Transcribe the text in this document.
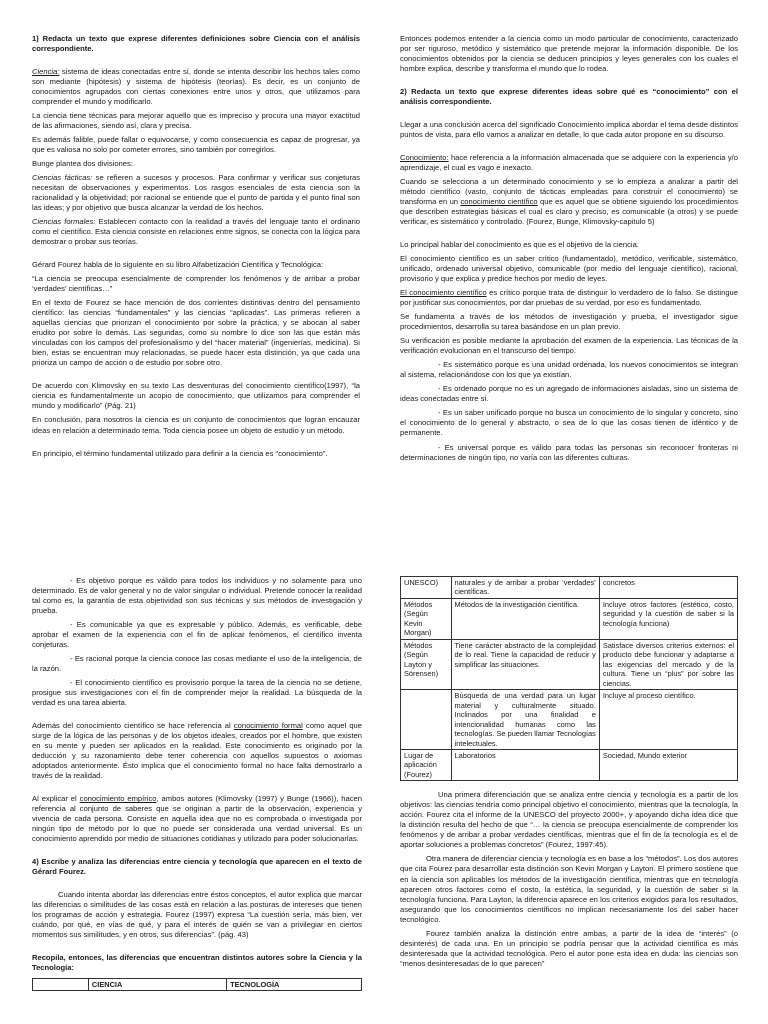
1) Redacta un texto que exprese diferentes definiciones sobre Ciencia con el análisis correspondiente.

Ciencia: sistema de ideas conectadas entre sí, donde se intenta describir los hechos tales como son mediante (hipótesis) y sistema de hipótesis (teorías). Es decir, es un conjunto de conocimientos agrupados con ciertas conexiones entre unos y otros, que utilizamos para comprender el mundo y modificarlo.

La ciencia tiene técnicas para mejorar aquello que es impreciso y procura una mayor exactitud de las afirmaciones, siendo así, clara y precisa.

Es además falible, puede fallar o equivocarse, y como consecuencia es capaz de progresar, ya que es valiosa no solo por cometer errores, sino también por corregirlos.

Bunge plantea dos divisiones:

Ciencias fácticas: se refieren a sucesos y procesos. Para confirmar y verificar sus conjeturas necesitan de observaciones y experimentos. Los rasgos esenciales de esta ciencia son la racionalidad y la objetividad; por racional se entiende que el punto de partida y el punto final son las ideas; y por objetivo que busca alcanzar la verdad de los hechos.

Ciencias formales: Establecen contacto con la realidad a través del lenguaje tanto el ordinario como el científico. Esta ciencia consiste en relaciones entre signos, se conecta con la lógica para demostrar o probar sus teorías.

Gérard Fourez habla de lo siguiente en su libro Alfabetización Científica y Tecnológica:

“La ciencia se preocupa esencialmente de comprender los fenómenos y de arribar a probar ‘verdades’ científicas…”

En el texto de Fourez se hace mención de dos corrientes distintivas dentro del pensamiento científico: las ciencias “fundamentales” y las ciencias “aplicadas”. Las primeras refieren a aquellas ciencias que priorizan el conocimiento por sobre la práctica, y se abocan al saber erudito por sobre lo demás. Las segundas, como su nombre lo dice son las que están más vinculadas con los campos del profesionalismo y del “hacer material” (ingenierías, medicina). Si bien, estas se encuentran muy relacionadas, se puede hacer esta distinción, ya que cada una prioriza un campo de acción o de estudio por sobre otro.

De acuerdo con Klimovsky en su texto Las desventuras del conocimiento científico(1997), “la ciencia es fundamentalmente un acopio de conocimiento, que utilizamos para comprender el mundo y modificarlo” (Pág. 21)

En conclusión, para nosotros la ciencia es un conjunto de conocimientos que logran encauzar ideas en relación a determinado tema. Toda ciencia posee un objeto de estudio y un método.

En principio, el término fundamental utilizado para definir a la ciencia es “conocimiento”.

Entonces podemos entender a la ciencia como un modo particular de conocimiento, caracterizado por ser riguroso, metódico y sistemático que pretende mejorar la información disponible. De los conocimientos obtenidos por la ciencia se deducen principios y leyes generales con los cuales el hombre explica, describe y transforma el mundo que lo rodea.

2) Redacta un texto que exprese diferentes ideas sobre qué es “conocimiento” con el análisis correspondiente.

Llegar a una conclusión acerca del significado Conocimiento implica abordar el tema desde distintos puntos de vista, para ello vamos a analizar en detalle, lo que cada autor propone en su discurso.

Conocimiento: hace referencia a la información almacenada que se adquiere con la experiencia y/o aprendizaje, el cual es vago e inexacto.

Cuando se selecciona a un determinado conocimiento y se lo empieza a analizar a partir del método científico (vasto, conjunto de tácticas empleadas para construir el conocimiento) se transforma en un conocimiento científico que es aquel que se obtiene siguiendo los procedimientos que describen estrategias básicas el cual es claro y preciso, es comunicable (a otros) y se puede verificar, es sistemático y controlado. (Fourez, Bunge, Klimovsky-capitulo 5)

Lo principal hablar del conocimiento es que es el objetivo de la ciencia.

El conocimiento científico es un saber crítico (fundamentado), metódico, verificable, sistemático, unificado, ordenado universal objetivo, comunicable (por medio del lenguaje científico), racional, provisorio y que explica y predice hechos por medio de leyes.

El conocimiento científico es crítico porque trata de distinguir lo verdadero de lo falso. Se distingue por justificar sus conocimientos, por dar pruebas de su verdad, por eso es fundamentado.

Se fundamenta a través de los métodos de investigación y prueba, el investigador sigue procedimientos, desarrolla su tarea basándose en un plan previo.

Su verificación es posible mediante la aprobación del examen de la experiencia. Las técnicas de la verificación evolucionan en el transcurso del tiempo.

- Es sistemático porque es una unidad ordenada, los nuevos conocimientos se integran al sistema, relacionándose con los que ya existían.

- Es ordenado porque no es un agregado de informaciones aisladas, sino un sistema de ideas conectadas entre sí.

- Es un saber unificado porque no busca un conocimiento de lo singular y concreto, sino el conocimiento de lo general y abstracto, o sea de lo que las cosas tienen de idéntico y de permanente.

- Es universal porque es válido para todas las personas sin reconocer fronteras ni determinaciones de ningún tipo, no varía con las diferentes culturas.

- Es objetivo porque es válido para todos los individuos y no solamente para uno determinado. Es de valor general y no de valor singular o individual. Pretende conocer la realidad tal como es, la garantía de esta objetividad son sus técnicas y sus métodos de investigación y prueba.

- Es comunicable ya que es expresable y público. Además, es verificable, debe aprobar el examen de la experiencia con el fin de aplicar fenómenos, el científico inventa conjeturas.

- Es racional porque la ciencia conoce las cosas mediante el uso de la inteligencia, de la razón.

- El conocimiento científico es provisorio porque la tarea de la ciencia no se detiene, prosigue sus investigaciones con el fin de comprender mejor la realidad. La búsqueda de la verdad es una tarea abierta.

Además del conocimiento científico se hace referencia al conocimiento formal como aquel que surge de la lógica de las personas y de los objetos ideales, creados por el hombre, que existen en su mente y pueden ser aplicados en la realidad. Este conocimiento es originado por la deducción y su razonamiento debe tener coherencia con aquellos supuestos o axiomas adoptados anteriormente. Ésto implica que el conocimiento formal no hace falta demostrarlo a través de la realidad.

Al explicar el conocimiento empírico, ambos autores (Klimovsky (1997) y Bunge (1966)), hacen referencia al conjunto de saberes que se originan a partir de la observación, experiencia y vivencia de cada persona. Consiste en aquella idea que no es comprobada o investigada por ningún tipo de método por lo que no puede ser considerada una verdad universal. Es un conocimiento aprendido por medio de situaciones cotidianas y utilizado para poder solucionarlas.

4) Escribe y analiza las diferencias entre ciencia y tecnología que aparecen en el texto de Gérard Fourez.

Cuando intenta abordar las diferencias entre éstos conceptos, el autor explica que marcar las diferencias o similitudes de las cosas está en relación a las posturas de intereses que tienen los programas de acción y estrategia. Fourez (1997) expresa “La cuestión sería, más bien, ver cuándo, por qué, en vías de qué, y para el interés de quién se van a privilegiar en ciertos momentos sus similitudes, y en otros, sus diferencias”. (pág. 43)

Recopila, entonces, las diferencias que encuentran distintos autores sobre la Ciencia y la Tecnología:

	CIENCIA	TECNOLOGÍA
UNESCO)	naturales y de arribar a probar ‘verdades’ científicas.	concretos
Métodos (Según Kevin Morgan)	Métodos de la investigación científica.	Incluye otros factores (estético, costo, seguridad y la cuestión de saber si la tecnología funciona)
Métodos (Según Layton y Sörensen)	Tiene carácter abstracto de la complejidad de lo real. Tiene la capacidad de reducir y simplificar las situaciones.	Satisface diversos criterios externos: el producto debe funcionar y adaptarse a las exigencias del mercado y de la cultura. Tiene un “plus” por sobre las ciencias.
	Búsqueda de una verdad para un lugar material y culturalmente situado. Inclinados por una finalidad e intencionalidad humanas como las tecnologías. Se pueden llamar Tecnologías intelectuales.	Incluye al proceso científico.
Lugar de aplicación (Fourez)	Laboratorios	Sociedad, Mundo exterior

Una primera diferenciación que se analiza entre ciencia y tecnología es a partir de los objetivos: las ciencias tendría como principal objetivo el conocimiento, mientras que la tecnología, la acción. Fourez cita el informe de la UNESCO del proyecto 2000+, y apoyando dicha idea dice que la distinción resulta del hecho de que “… la ciencia se preocupa esencialmente de comprender los fenómenos y de arribar a probar verdades científicas, mientras que el fin de la tecnología es el de aportar soluciones a problemas concretos” (Fourez, 1997:45).

Otra manera de diferenciar ciencia y tecnología es en base a los “métodos”. Los dos autores que cita Fourez para desarrollar esta distinción son Kevin Morgan y Layton. El primero sostiene que en la ciencia son aplicables los métodos de la investigación científica, mientras que en tecnología aparecen otros factores como el costo, la estética, la seguridad, y la cuestión de saber si la tecnología funciona. Para Layton, la diferencia aparece en los criterios exigidos para los resultados, asegurando que los conocimientos científicos no implican necesariamente los del saber hacer tecnológico.

Fourez también analiza la distinción entre ambas, a partir de la idea de “interés” (o desinterés) de cada una. En un principio se podría pensar que la actividad científica es más desinteresada que la actividad tecnológica. Pero el autor pone esta idea en duda: las ciencias son “menos desinteresadas de lo que parecen”
